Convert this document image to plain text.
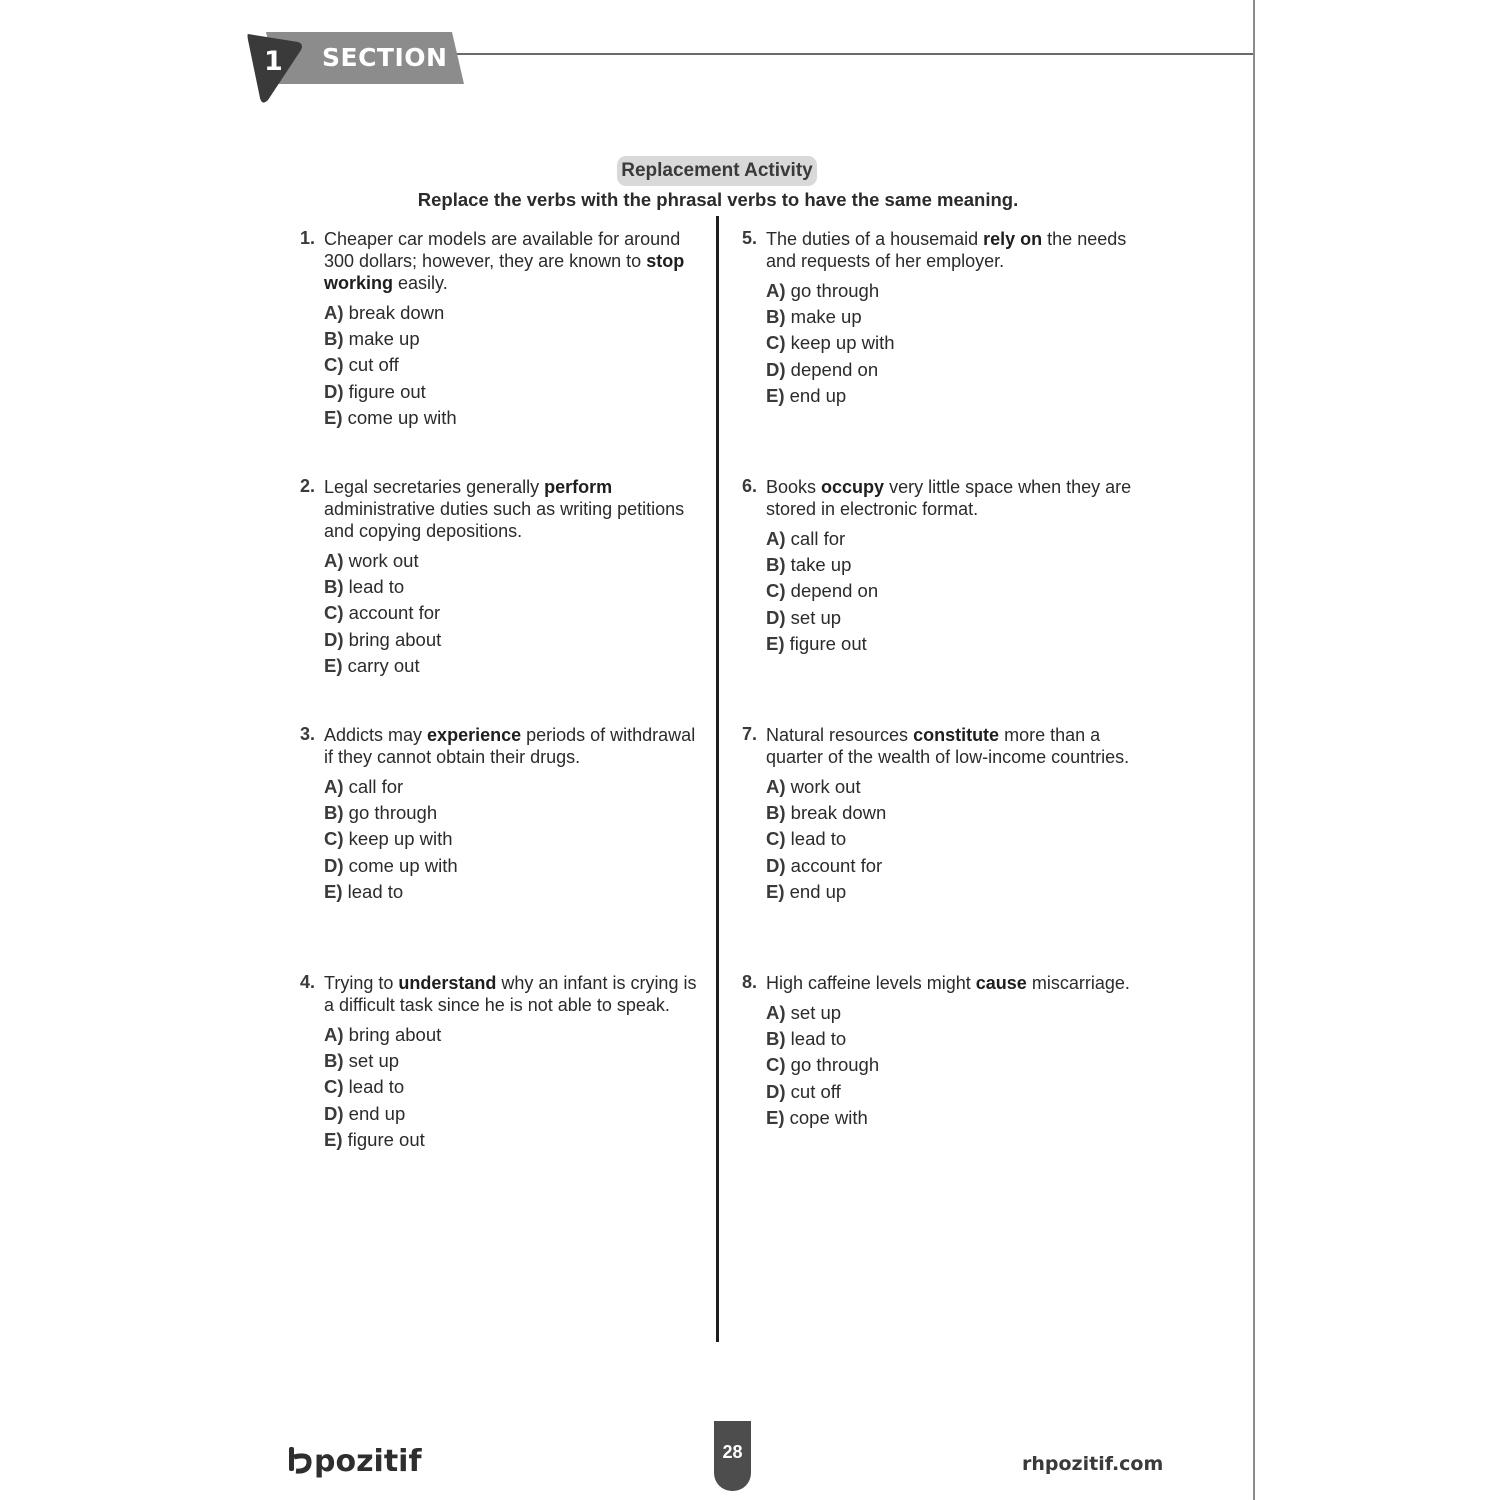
1 SECTION
Replacement Activity
Replace the verbs with the phrasal verbs to have the same meaning.
1. Cheaper car models are available for around 300 dollars; however, they are known to stop working easily.
A) break down
B) make up
C) cut off
D) figure out
E) come up with
2. Legal secretaries generally perform administrative duties such as writing petitions and copying depositions.
A) work out
B) lead to
C) account for
D) bring about
E) carry out
3. Addicts may experience periods of withdrawal if they cannot obtain their drugs.
A) call for
B) go through
C) keep up with
D) come up with
E) lead to
4. Trying to understand why an infant is crying is a difficult task since he is not able to speak.
A) bring about
B) set up
C) lead to
D) end up
E) figure out
5. The duties of a housemaid rely on the needs and requests of her employer.
A) go through
B) make up
C) keep up with
D) depend on
E) end up
6. Books occupy very little space when they are stored in electronic format.
A) call for
B) take up
C) depend on
D) set up
E) figure out
7. Natural resources constitute more than a quarter of the wealth of low-income countries.
A) work out
B) break down
C) lead to
D) account for
E) end up
8. High caffeine levels might cause miscarriage.
A) set up
B) lead to
C) go through
D) cut off
E) cope with
pozitif	28
rhpozitif.com
